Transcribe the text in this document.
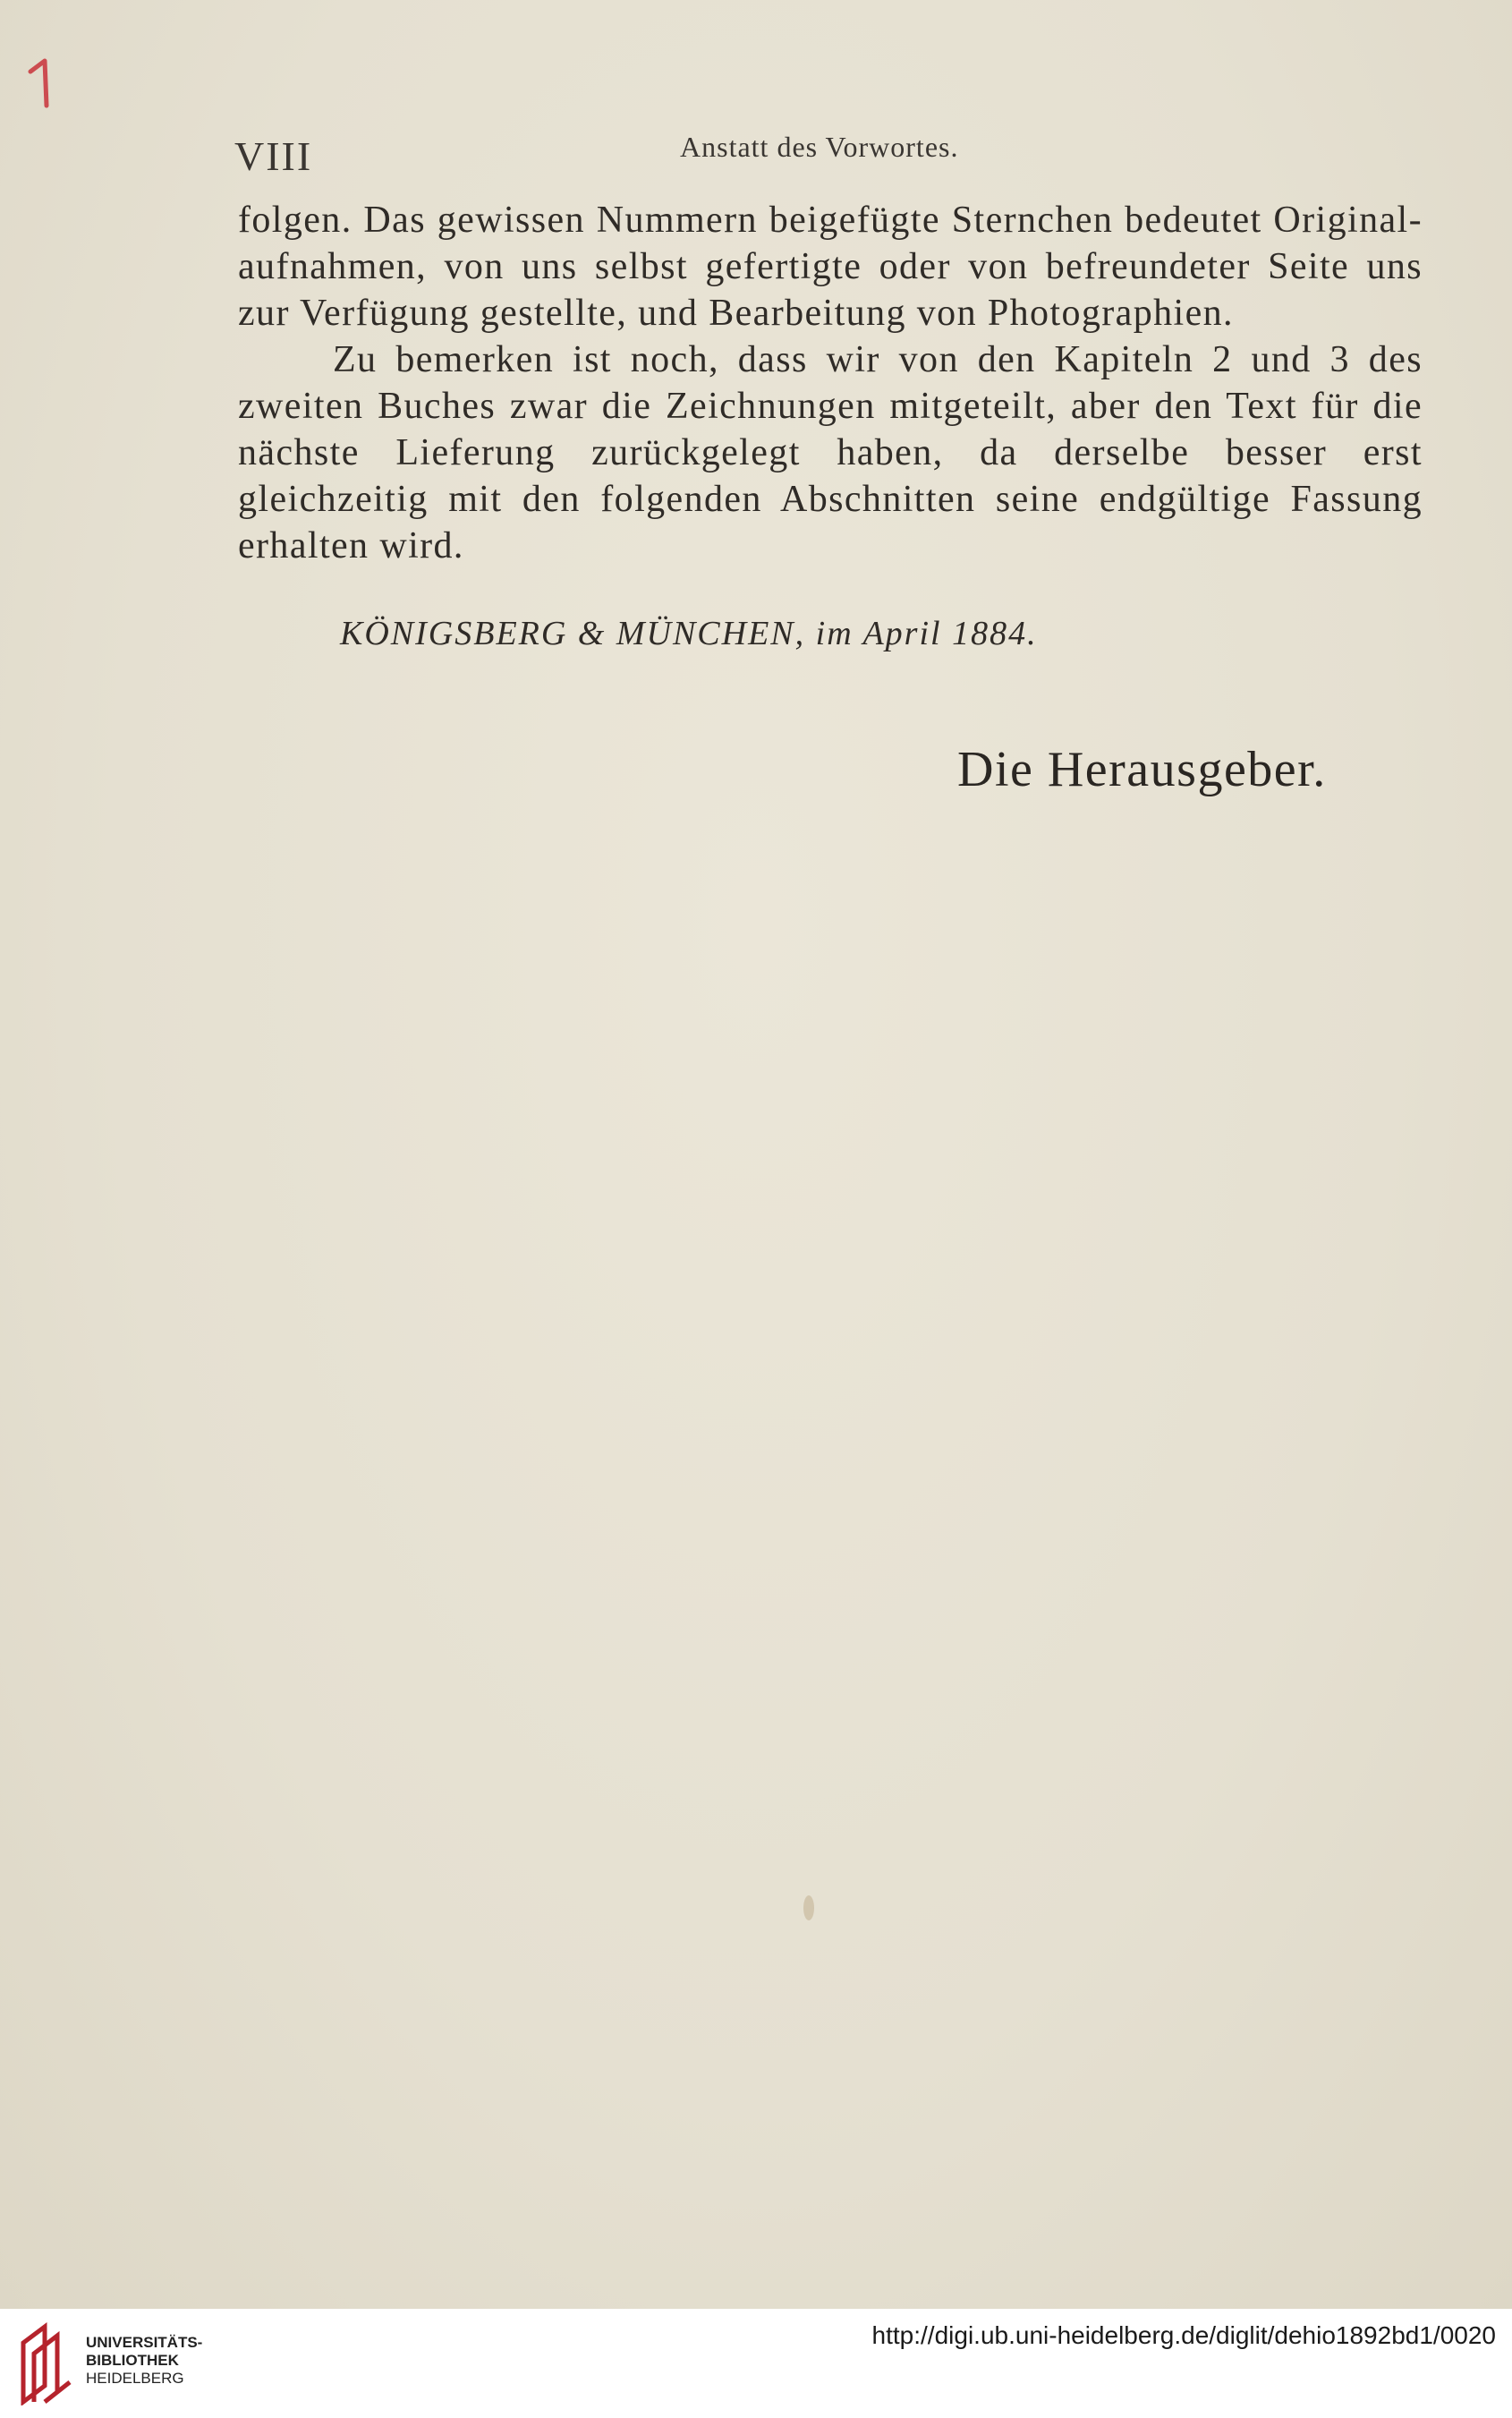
VIII	Anstatt des Vorwortes.

folgen. Das gewissen Nummern beigefügte Sternchen bedeutet Original-aufnahmen, von uns selbst gefertigte oder von befreundeter Seite uns zur Verfügung gestellte, und Bearbeitung von Photographien.

Zu bemerken ist noch, dass wir von den Kapiteln 2 und 3 des zweiten Buches zwar die Zeichnungen mitgeteilt, aber den Text für die nächste Lieferung zurückgelegt haben, da derselbe besser erst gleichzeitig mit den folgenden Abschnitten seine endgültige Fassung erhalten wird.

KÖNIGSBERG & MÜNCHEN, im April 1884.
Die Herausgeber.
UNIVERSITÄTS-
BIBLIOTHEK
HEIDELBERG
http://digi.ub.uni-heidelberg.de/diglit/dehio1892bd1/0020
